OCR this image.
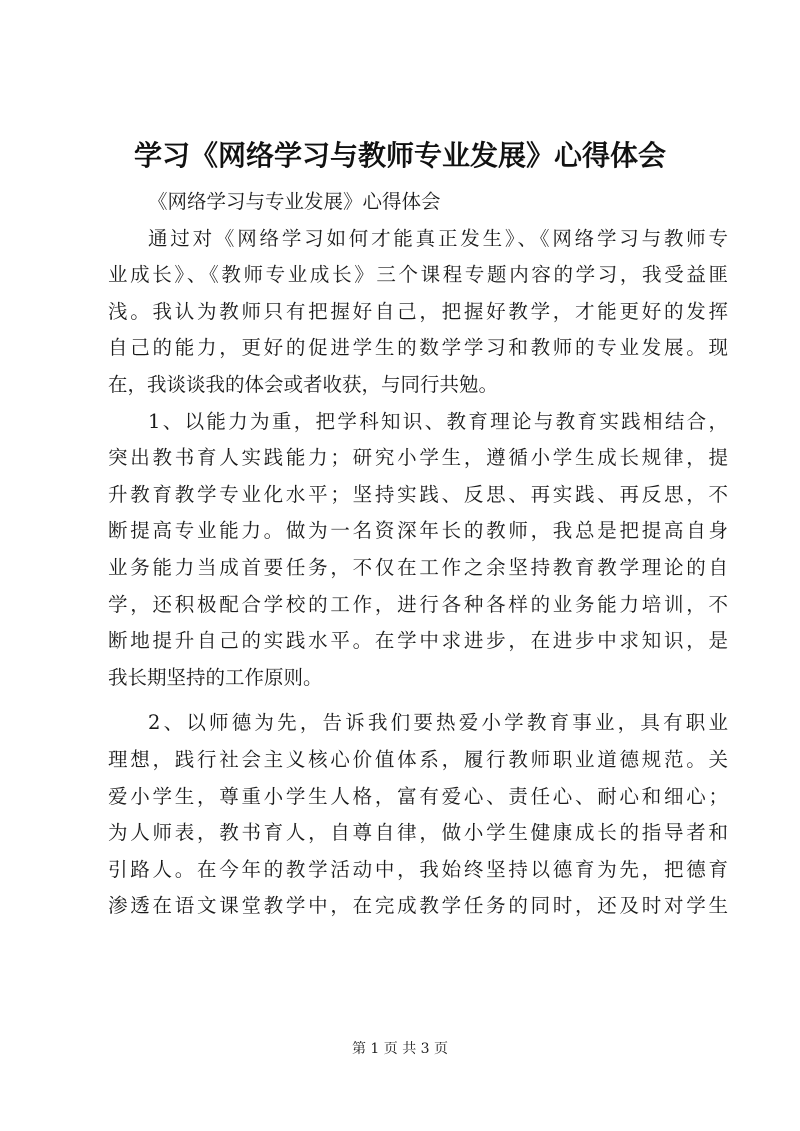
学习《网络学习与教师专业发展》心得体会
《网络学习与专业发展》心得体会
通过对《网络学习如何才能真正发生》、《网络学习与教师专
业成长》、《教师专业成长》三个课程专题内容的学习，我受益匪
浅。我认为教师只有把握好自己，把握好教学，才能更好的发挥
自己的能力，更好的促进学生的数学学习和教师的专业发展。现
在，我谈谈我的体会或者收获，与同行共勉。
1、以能力为重，把学科知识、教育理论与教育实践相结合，
突出教书育人实践能力；研究小学生，遵循小学生成长规律，提
升教育教学专业化水平；坚持实践、反思、再实践、再反思，不
断提高专业能力。做为一名资深年长的教师，我总是把提高自身
业务能力当成首要任务，不仅在工作之余坚持教育教学理论的自
学，还积极配合学校的工作，进行各种各样的业务能力培训，不
断地提升自己的实践水平。在学中求进步，在进步中求知识，是
我长期坚持的工作原则。
2、以师德为先，告诉我们要热爱小学教育事业，具有职业
理想，践行社会主义核心价值体系，履行教师职业道德规范。关
爱小学生，尊重小学生人格，富有爱心、责任心、耐心和细心；
为人师表，教书育人，自尊自律，做小学生健康成长的指导者和
引路人。在今年的教学活动中，我始终坚持以德育为先，把德育
渗透在语文课堂教学中，在完成教学任务的同时，还及时对学生
第 1 页 共 3 页
